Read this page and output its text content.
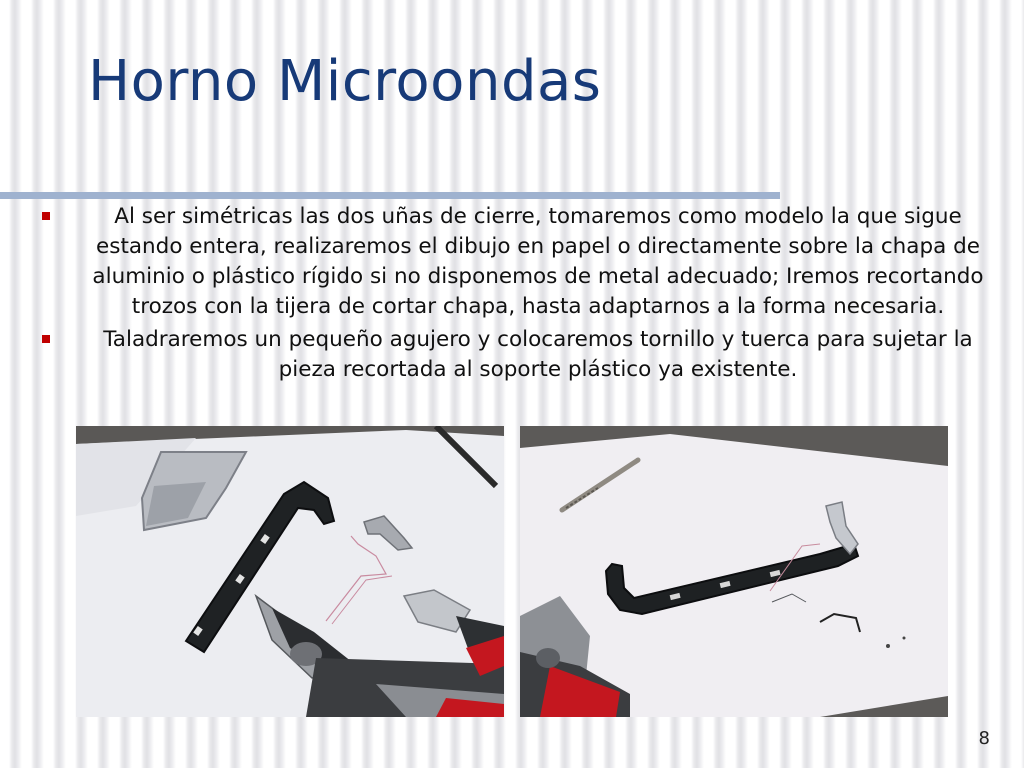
Horno Microondas
Al ser simétricas las dos uñas de cierre, tomaremos como modelo la que sigue estando entera, realizaremos el dibujo en papel o directamente sobre la chapa de aluminio o plástico rígido si no disponemos de metal adecuado; Iremos recortando trozos con la tijera de cortar chapa, hasta adaptarnos a la forma necesaria.
Taladraremos un pequeño agujero y colocaremos tornillo y tuerca para sujetar la pieza recortada al soporte plástico ya existente.
8
